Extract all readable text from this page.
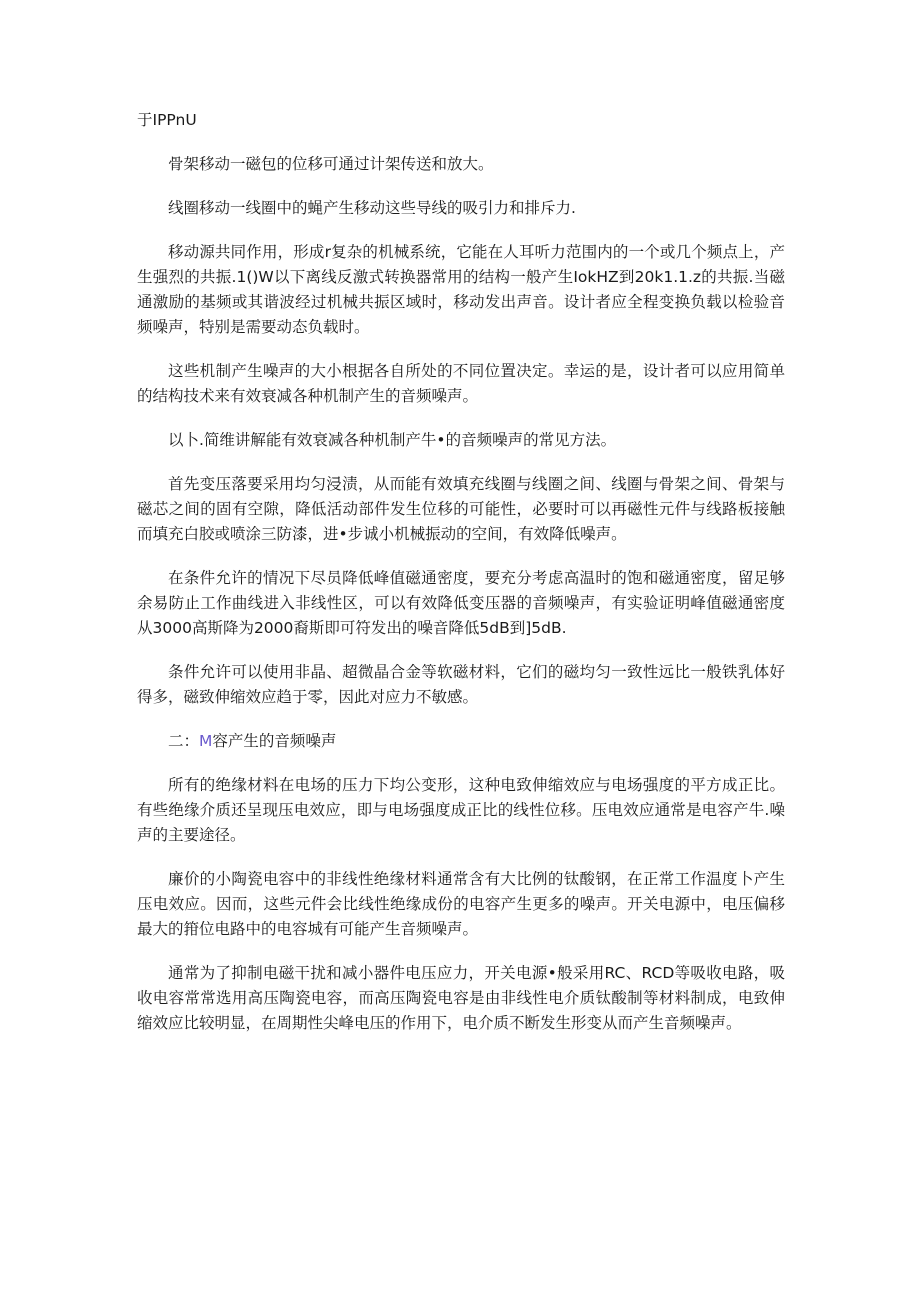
于IPPnU

骨架移动一磁包的位移可通过计架传送和放大。

线圈移动一线圈中的蝇产生移动这些导线的吸引力和排斥力.

移动源共同作用，形成r复杂的机械系统，它能在人耳听力范围内的一个或几个频点上，产生强烈的共振.1()W以下离线反激式转换器常用的结构一般产生IokHZ到20k1.1.z的共振.当磁通激励的基频或其谐波经过机械共振区域时，移动发出声音。设计者应全程变换负载以检验音频噪声，特别是需要动态负载时。

这些机制产生噪声的大小根据各自所处的不同位置决定。幸运的是，设计者可以应用简单的结构技术来有效衰减各种机制产生的音频噪声。

以卜.简维讲解能有效衰减各种机制产牛•的音频噪声的常见方法。

首先变压落要采用均匀浸渍，从而能有效填充线圈与线圈之间、线圈与骨架之间、骨架与磁芯之间的固有空隙，降低活动部件发生位移的可能性，必要时可以再磁性元件与线路板接触而填充白胶或喷涂三防漆，进•步诚小机械振动的空间，有效降低噪声。

在条件允许的情况下尽员降低峰值磁通密度，要充分考虑高温时的饱和磁通密度，留足够余易防止工作曲线进入非线性区，可以有效降低变压器的音频噪声，有实验证明峰值磁通密度从3000高斯降为2000裔斯即可符发出的噪音降低5dB到]5dB.

条件允许可以使用非晶、超微晶合金等软磁材料，它们的磁均匀一致性远比一般铁乳体好得多，磁致伸缩效应趋于零，因此对应力不敏感。

二：M容产生的音频噪声

所有的绝缘材料在电场的压力下均公变形，这种电致伸缩效应与电场强度的平方成正比。有些绝缘介质还呈现压电效应，即与电场强度成正比的线性位移。压电效应通常是电容产牛.噪声的主要途径。

廉价的小陶瓷电容中的非线性绝缘材料通常含有大比例的钛酸钢，在正常工作温度卜产生压电效应。因而，这些元件会比线性绝缘成份的电容产生更多的噪声。开关电源中，电压偏移最大的箝位电路中的电容城有可能产生音频噪声。

通常为了抑制电磁干扰和减小器件电压应力，开关电源•般采用RC、RCD等吸收电路，吸收电容常常选用高压陶瓷电容，而高压陶瓷电容是由非线性电介质钛酸制等材料制成，电致伸缩效应比较明显，在周期性尖峰电压的作用下，电介质不断发生形变从而产生音频噪声。
